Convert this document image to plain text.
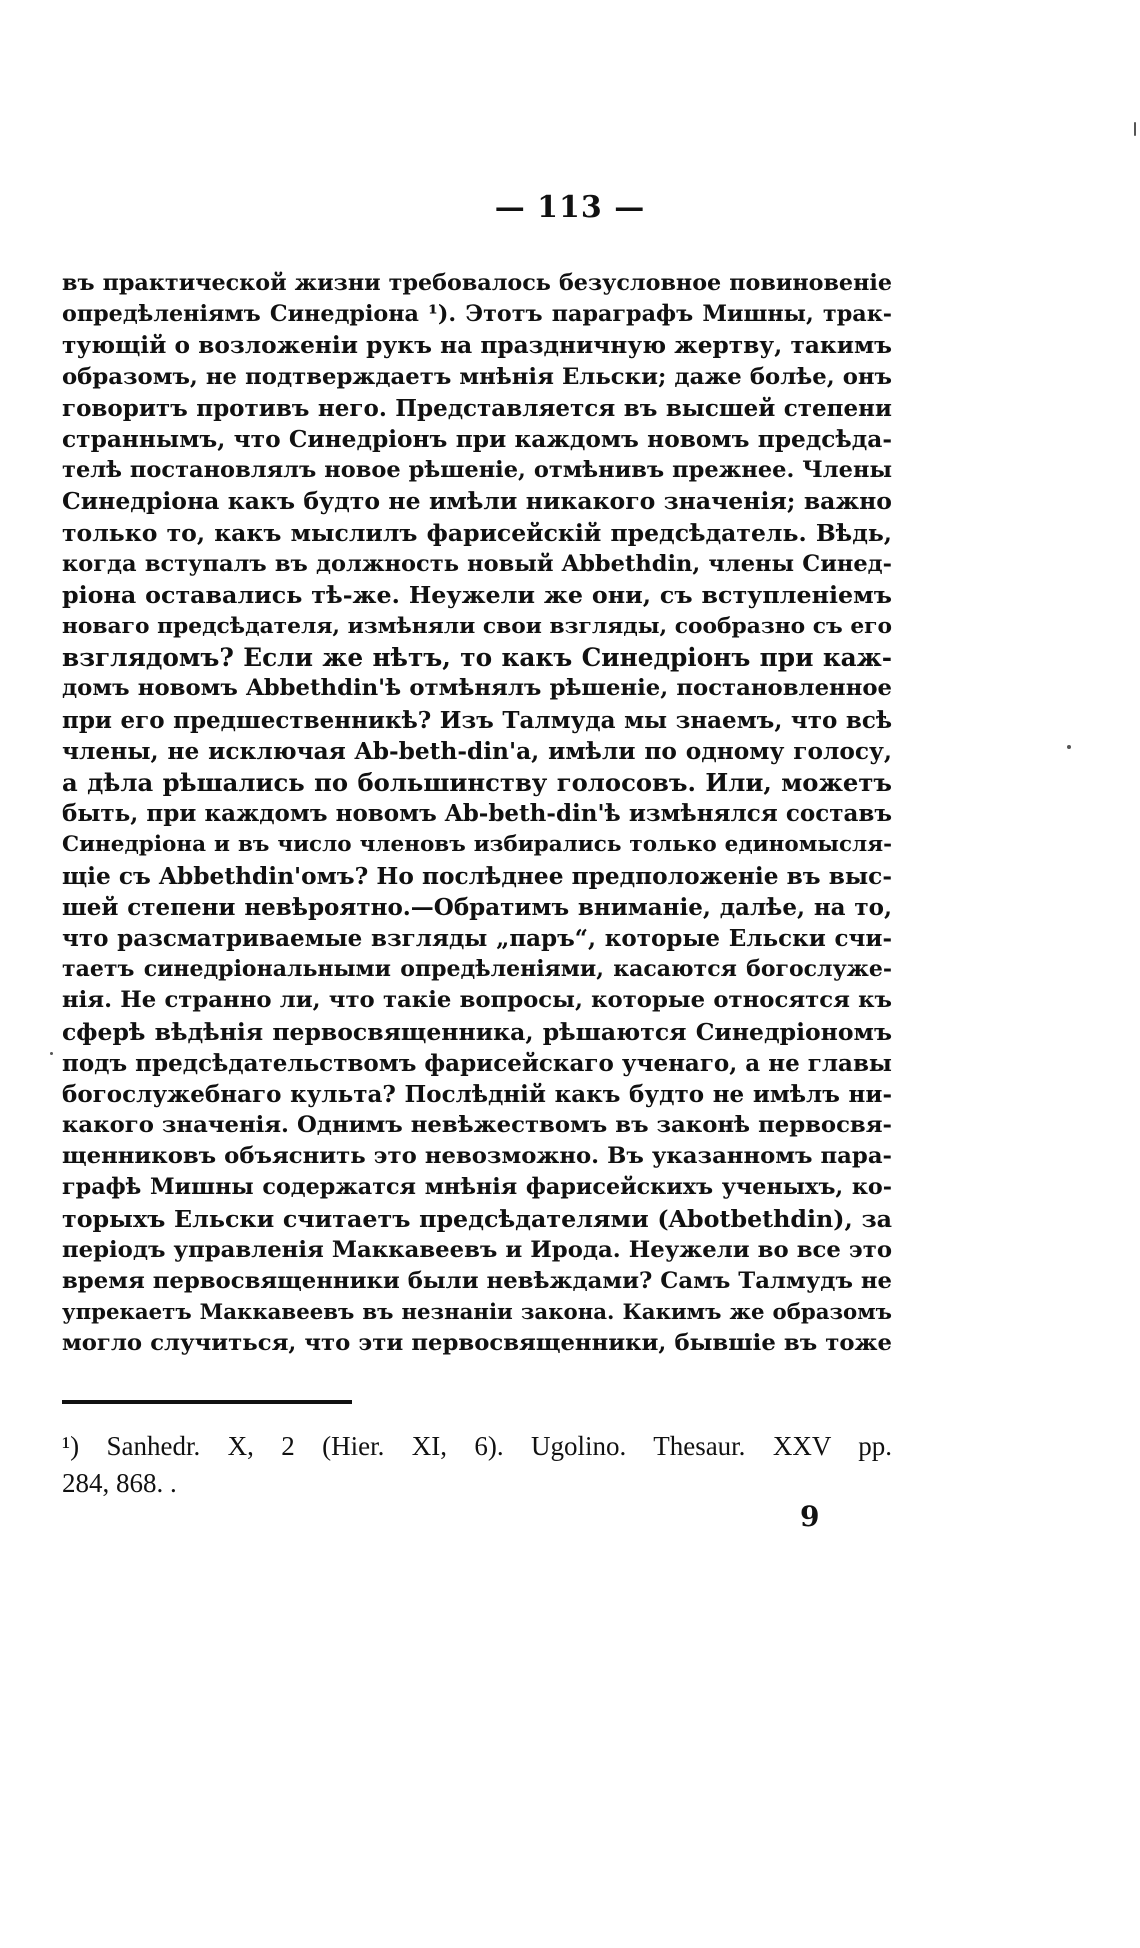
— 113 —
въ практической жизни требовалось безусловное повиновеніе
опредѣленіямъ Синедріона ¹). Этотъ параграфъ Мишны, трак-
тующій о возложеніи рукъ на праздничную жертву, такимъ
образомъ, не подтверждаетъ мнѣнія Ельски; даже болѣе, онъ
говоритъ противъ него. Представляется въ высшей степени
страннымъ, что Синедріонъ при каждомъ новомъ предсѣда-
телѣ постановлялъ новое рѣшеніе, отмѣнивъ прежнее. Члены
Синедріона какъ будто не имѣли никакого значенія; важно
только то, какъ мыслилъ фарисейскій предсѣдатель. Вѣдь,
когда вступалъ въ должность новый Abbethdin, члены Синед-
ріона оставались тѣ-же. Неужели же они, съ вступленіемъ
новаго предсѣдателя, измѣняли свои взгляды, сообразно съ его
взглядомъ? Если же нѣтъ, то какъ Синедріонъ при каж-
домъ новомъ Abbethdin'ѣ отмѣнялъ рѣшеніе, постановленное
при его предшественникѣ? Изъ Талмуда мы знаемъ, что всѣ
члены, не исключая Ab-beth-din'a, имѣли по одному голосу,
а дѣла рѣшались по большинству голосовъ. Или, можетъ
быть, при каждомъ новомъ Ab-beth-din'ѣ измѣнялся составъ
Синедріона и въ число членовъ избирались только единомысля-
щіе съ Abbethdin'омъ? Но послѣднее предположеніе въ выс-
шей степени невѣроятно.—Обратимъ вниманіе, далѣе, на то,
что разсматриваемые взгляды „паръ“, которые Ельски счи-
таетъ синедріональными опредѣленіями, касаются богослуже-
нія. Не странно ли, что такіе вопросы, которые относятся къ
сферѣ вѣдѣнія первосвященника, рѣшаются Синедріономъ
подъ предсѣдательствомъ фарисейскаго ученаго, а не главы
богослужебнаго культа? Послѣдній какъ будто не имѣлъ ни-
какого значенія. Однимъ невѣжествомъ въ законѣ первосвя-
щенниковъ объяснить это невозможно. Въ указанномъ пара-
графѣ Мишны содержатся мнѣнія фарисейскихъ ученыхъ, ко-
торыхъ Ельски считаетъ предсѣдателями (Abotbethdin), за
періодъ управленія Маккавеевъ и Ирода. Неужели во все это
время первосвященники были невѣждами? Самъ Талмудъ не
упрекаетъ Маккавеевъ въ незнаніи закона. Какимъ же образомъ
могло случиться, что эти первосвященники, бывшіе въ тоже
¹) Sanhedr. X, 2 (Hier. XI, 6). Ugolino. Thesaur. XXV pp.
284, 868. .
9
